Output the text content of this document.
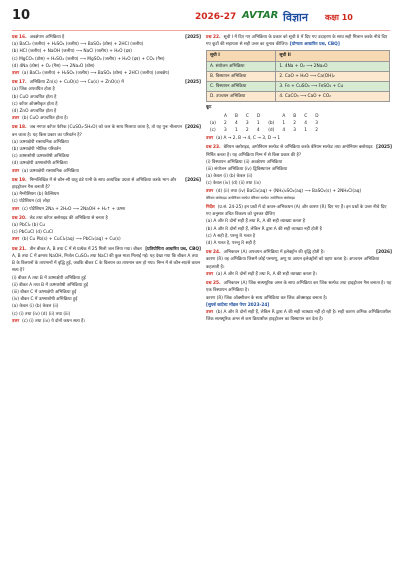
10	2026-27 AVTAR विज्ञान कक्षा 10
[2025]
प्रश्न 16. अवक्षेपण अभिक्रिया है
(a) BaCl₂ (जलीय) + H₂SO₄ (जलीय) ⟶ BaSO₄ (ठोस) + 2HCl (जलीय)
(b) HCl (जलीय) + NaOH (जलीय) ⟶ NaCl (जलीय) + H₂O (द्रव)
(c) MgCO₃ (ठोस) + H₂SO₄ (जलीय) ⟶ MgSO₄ (जलीय) + H₂O (द्रव) + CO₂ (गैस)
(d) 4Na (ठोस) + O₂ (गैस) ⟶ 2Na₂O (ठोस)
उत्तर (a) BaCl₂ (जलीय) + H₂SO₄ (जलीय) ⟶ BaSO₄ (ठोस) + 2HCl (जलीय) (अवक्षेप)
[2025]
प्रश्न 17. अभिक्रिया Zn(s) + CuO(s) ⟶ Cu(s) + ZnO(s) में
(a) जिंक अपचयित होता है
(b) CuO अपचयित होता है
(c) कॉपर ऑक्सीकृत होता है
(d) ZnO अपचयित होता है
उत्तर (b) CuO अपचयित होता है।
[2026]
प्रश्न 18. जब नगपर कॉपर फेरिक (CuSO₄·5H₂O) को जल के साथ मिलाया जाता है, तो यह पुनः नीलापन बन जाता है। यह किस प्रकार का परिवर्तन है?
(a) ऊष्माक्षेपी रासायनिक अभिक्रिया
(b) ऊष्माक्षेपी भौतिक परिवर्तन
(c) ऊष्माशोषी ऊष्माशोषी अभिक्रिया
(d) ऊष्मक्षेपी ऊष्माशोषी अभिक्रिया
उत्तर (a) ऊष्माक्षेपी रासायनिक अभिक्रिया
[2026]
प्रश्न 19. निम्नलिखित में से कौन-सी धातु ठंडे पानी के साथ अत्यधिक उग्रता से अभिक्रिया करके भाग और हाइड्रोजन गैस बनाती है?
(a) मैग्नीशियम (b) कैल्शियम
(c) पोटैशियम (d) लोहा
उत्तर (c) पोटैशियम 2Na + 2H₂O ⟶ 2NaOH + H₂↑ + ऊष्मा
प्रश्न 20. लेड तथा कॉपर क्लोराइड की अभिक्रिया से बनता है
(a) PbCl₂ (b) Cu
(c) PbCuCl (d) CuCl
उत्तर (b) Cu Pb(s) + CuCl₂(aq) ⟶ PbCl₂(aq) + Cu(s)
[प्रतियोगिता आधारित प्रश्न, CBQ]
प्रश्न 21. तीन बीकर A, B तथा C में से प्रत्येक में 25 मिली जल लिया गया। बीकर A, B तथा C में क्रमशः NaOH, निर्जल CuSO₄ तथा NaCl की कुछ मात्रा मिलाई गई। यह देखा गया कि बीकर A तथा B के विलयनों के तापमानों में वृद्धि हुई, जबकि बीकर C के विलयन का तापमान कम हो गया। निम्न में से कौन-सा/से कथन सत्य है?
(i) बीकर A तथा B में ऊष्माक्षेपी अभिक्रिया हुई
(ii) बीकर A तथा B में ऊष्माशोषी अभिक्रिया हुई
(iii) बीकर C में ऊष्माक्षेपी अभिक्रिया हुई
(iv) बीकर C में ऊष्माशोषी अभिक्रिया हुई
(a) केवल (i) (b) केवल (ii)
(c) (i) तथा (iv) (d) (ii) तथा (iii)
उत्तर (c) (i) तथा (iv) ये दोनों कथन सत्य हैं।
प्रश्न 22. सूची I में दिए गए अभिक्रिया के प्रकार को सूची II में दिए गए उदाहरण के साथ सही मिलान करके नीचे दिए गए कूटों की सहायता से सही उत्तर का चुनाव कीजिए। [योग्यता आधारित प्रश्न, CBQ]
सूची I	सूची II
A. संयोजन अभिक्रिया	1. 4Na + O₂ ⟶ 2Na₂O
B. विस्थापन अभिक्रिया	2. CaO + H₂O ⟶ Ca(OH)₂
C. विस्थापन अभिक्रिया	3. Fe + CuSO₄ ⟶ FeSO₄ + Cu
D. उपचयन अभिक्रिया	4. CaCO₃ ⟶ CaO + CO₂
कूट
	A	B	C	D		A	B	C	D
(a)	2	4	3	1	(b)	1	2	4	3
(c)	3	1	2	4	(d)	4	3	1	2
उत्तर (a) A → 2, B → 4, C → 3, D → 1
[2025]
प्रश्न 23. बेरियम क्लोराइड, अमोनियम सल्फेट से अभिक्रिया करके बेरियम सल्फेट तथा अमोनियम क्लोराइड निर्मित करता है। यह अभिक्रिया निम्न में से किस प्रकार की है?
(i) विस्थापन अभिक्रिया (ii) अवक्षेपण अभिक्रिया
(iii) संयोजन अभिक्रिया (iv) द्विविस्थापन अभिक्रिया
(a) केवल (i) (b) केवल (ii)
(c) केवल (iv) (d) (ii) तथा (iv)
उत्तर (d) (ii) तथा (iv) BaCl₂(aq) + (NH₄)₂SO₄(aq) ⟶ BaSO₄(s) + 2NH₄Cl(aq)
बेरियम क्लोराइड अमोनियम सल्फेट बेरियम सल्फेट अमोनियम क्लोराइड
निर्देश (प्र.सं. 24-25) इन प्रश्नों में दो कथन-अभिकथन (A) और कारण (R) दिए गए हैं। इन प्रश्नों के उत्तर नीचे दिए गए अनुसार उचित विकल्प को चुनकर दीजिए
(a) A और R दोनों सही हैं तथा R, A की सही व्याख्या करता है
(b) A और R दोनों सही हैं, लेकिन R द्वारा A की सही व्याख्या नहीं होती है
(c) A सही है, परन्तु R गलत है
(d) A गलत है, परन्तु R सही है
प्रश्न 24. अभिकथन (A) अपचयन अभिक्रिया में इलेक्ट्रॉन की वृद्धि होती है।	[2026]
कारण (R) वह अभिक्रिया जिसमें कोई परमाणु, अणु या आयन इलेक्ट्रॉनों को ग्रहण करता है। अपचयन अभिक्रिया कहलाती है।
उत्तर (a) A और R दोनों सही हैं तथा R, A की सही व्याख्या करता है।
प्रश्न 25. अभिकथन (A) जिंक सल्फ्यूरिक अम्ल के साथ अभिक्रिया कर जिंक सल्फेट तथा हाइड्रोजन गैस बनाता है। यह एक विस्थापन अभिक्रिया है।
कारण (R) जिंक ऑक्सीजन के साथ अभिक्रिया कर जिंक ऑक्साइड बनाता है।
[सुपर्ब कांटेस्ट मॉडल पेपर 2023-24]
उत्तर (b) A और R दोनों सही हैं, लेकिन R द्वारा A की सही व्याख्या नहीं हो रही है। सही कारण अभिक अभिक्रियाशील जिंक सल्फ्यूरिक अम्ल से कम क्रियाशील हाइड्रोजन का विस्थापन कर देता है।
